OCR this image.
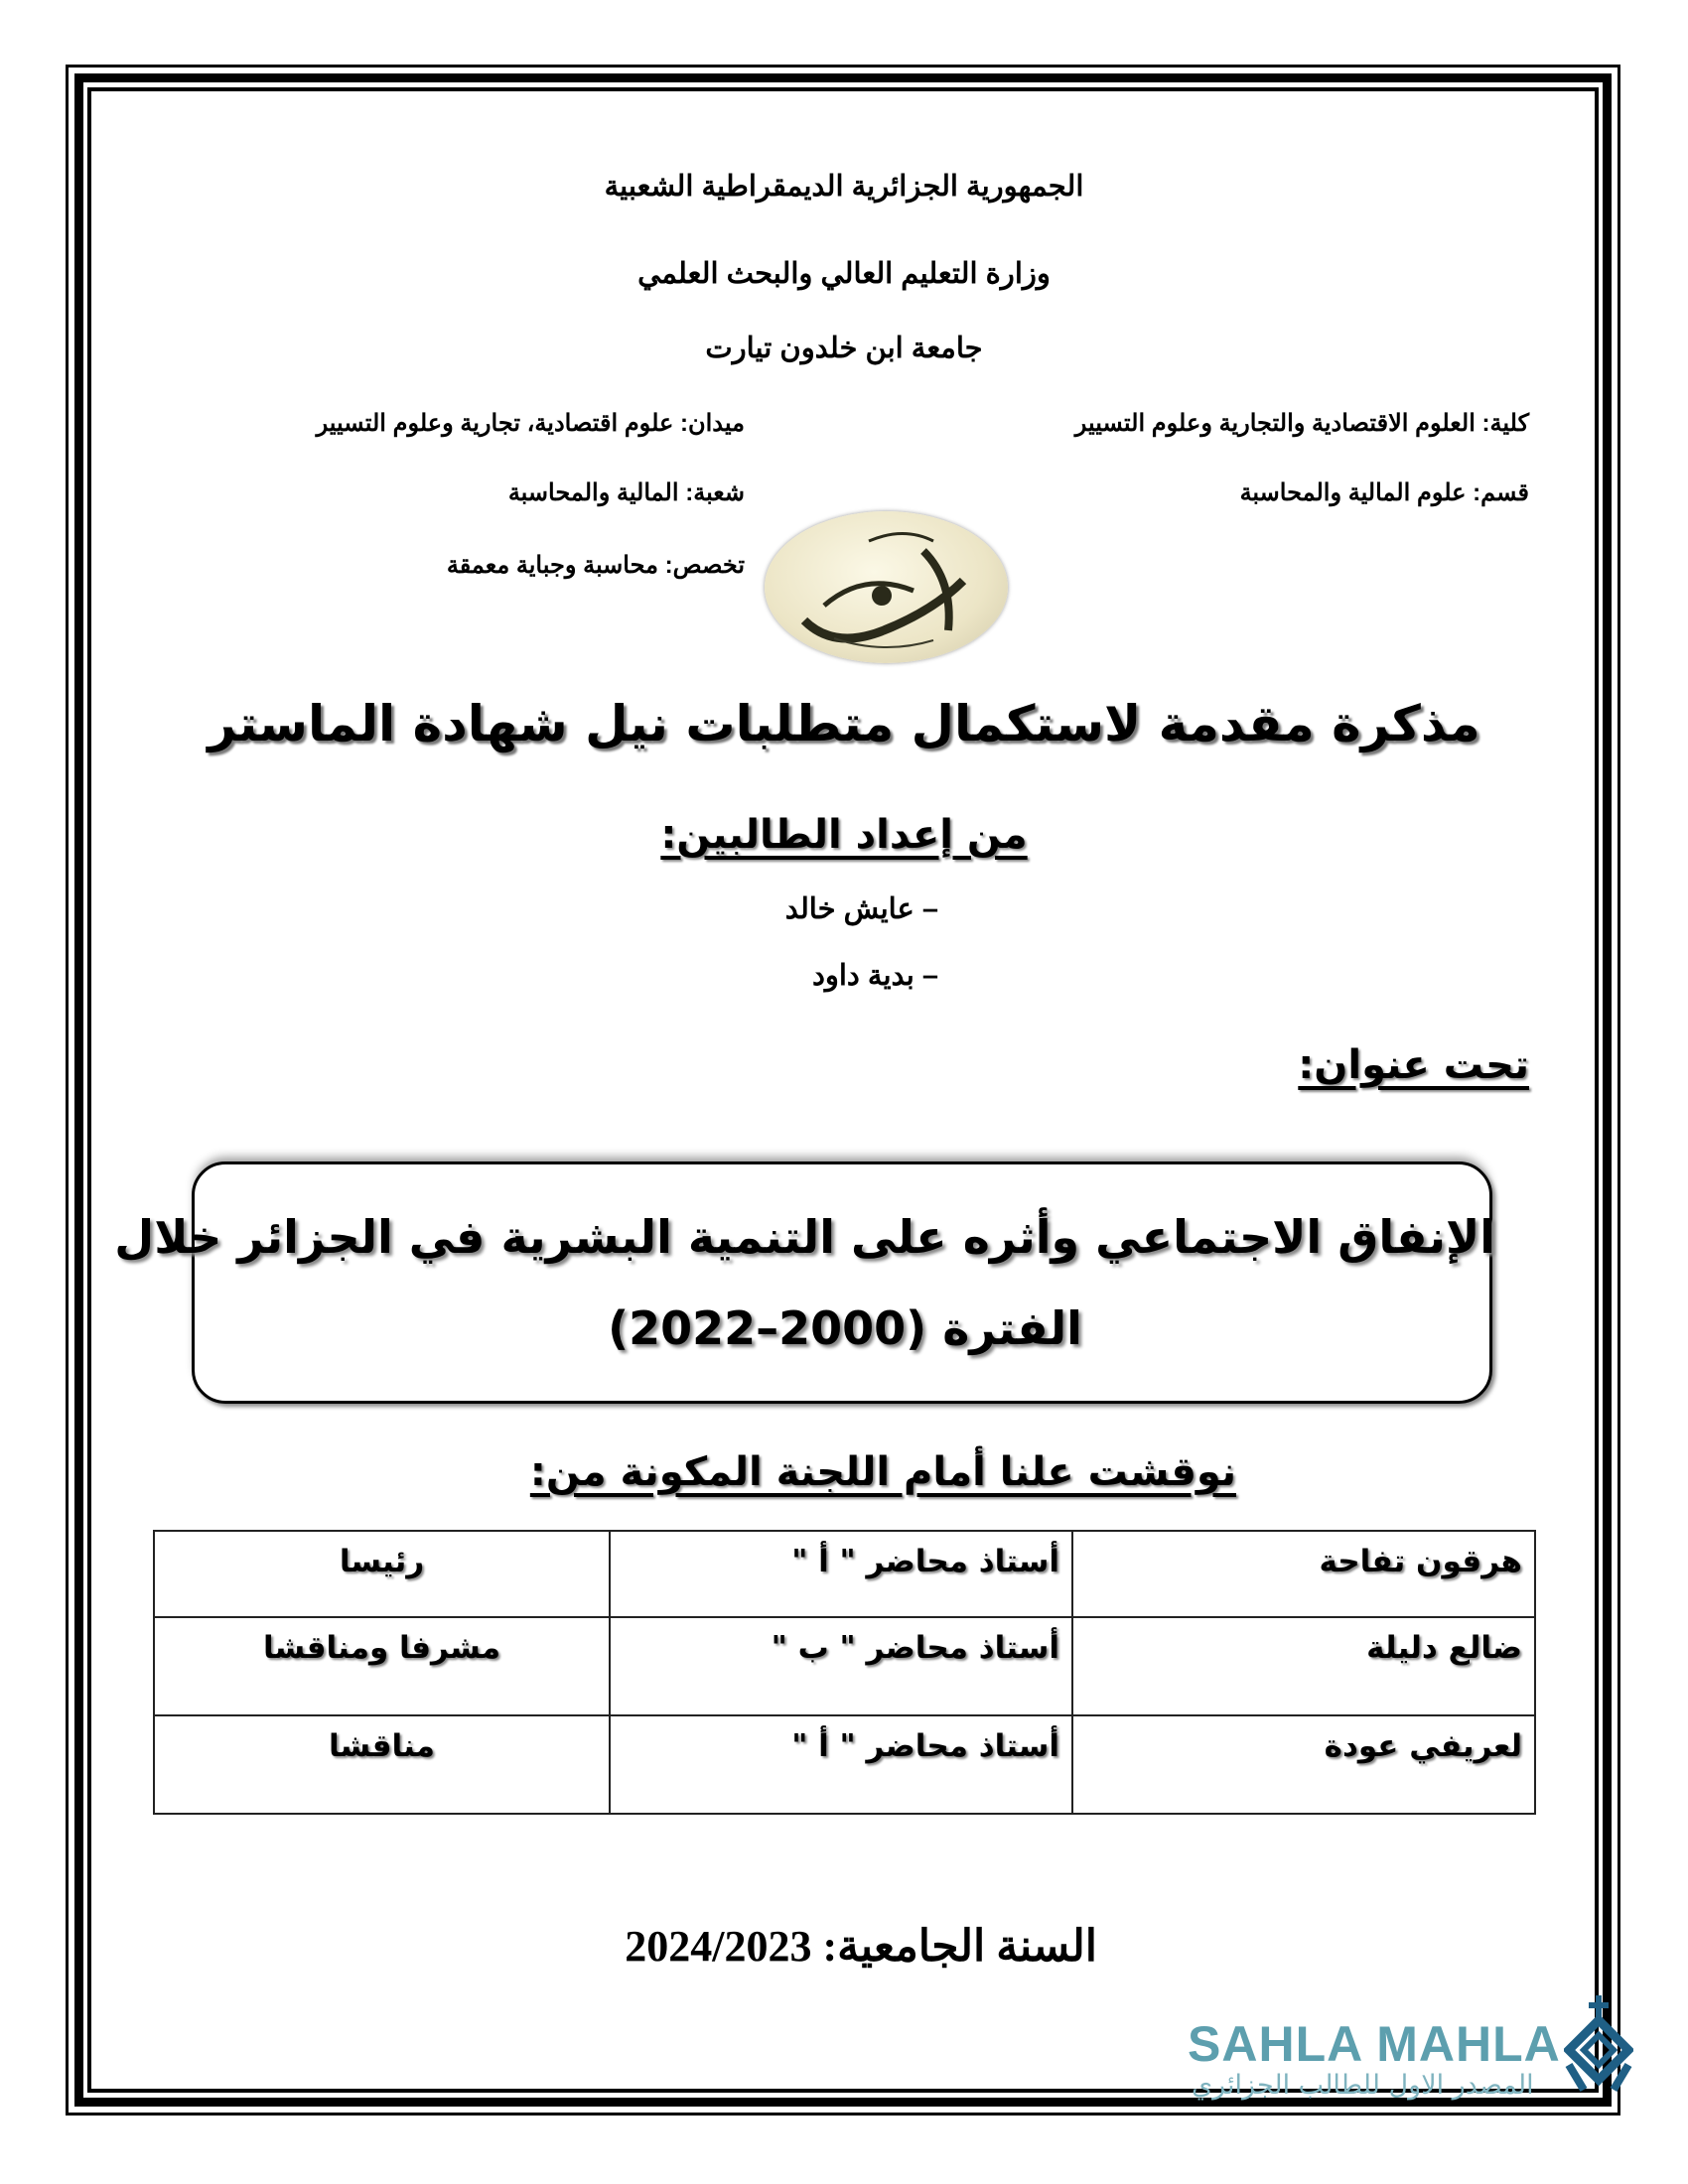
الجمهورية الجزائرية الديمقراطية الشعبية
وزارة التعليم العالي والبحث العلمي
جامعة ابن خلدون تيارت
كلية: العلوم الاقتصادية والتجارية وعلوم التسيير
قسم: علوم المالية والمحاسبة
ميدان: علوم اقتصادية، تجارية وعلوم التسيير
شعبة: المالية والمحاسبة
تخصص: محاسبة وجباية معمقة
مذكرة مقدمة لاستكمال متطلبات نيل شهادة الماستر
من إعداد الطالبين:
– عايش خالد
– بدية داود
تحت عنوان:
الإنفاق الاجتماعي وأثره على التنمية البشرية في الجزائر خلال
الفترة (2000–2022)
نوقشت علنا أمام اللجنة المكونة من:
هرقون تفاحة	أستاذ محاضر " أ "	رئيسا
ضالع دليلة	أستاذ محاضر " ب "	مشرفا ومناقشا
لعريفي عودة	أستاذ محاضر " أ "	مناقشا
السنة الجامعية: 2024/2023
SAHLA MAHLA
المصدر الاول للطالب الجزائري
